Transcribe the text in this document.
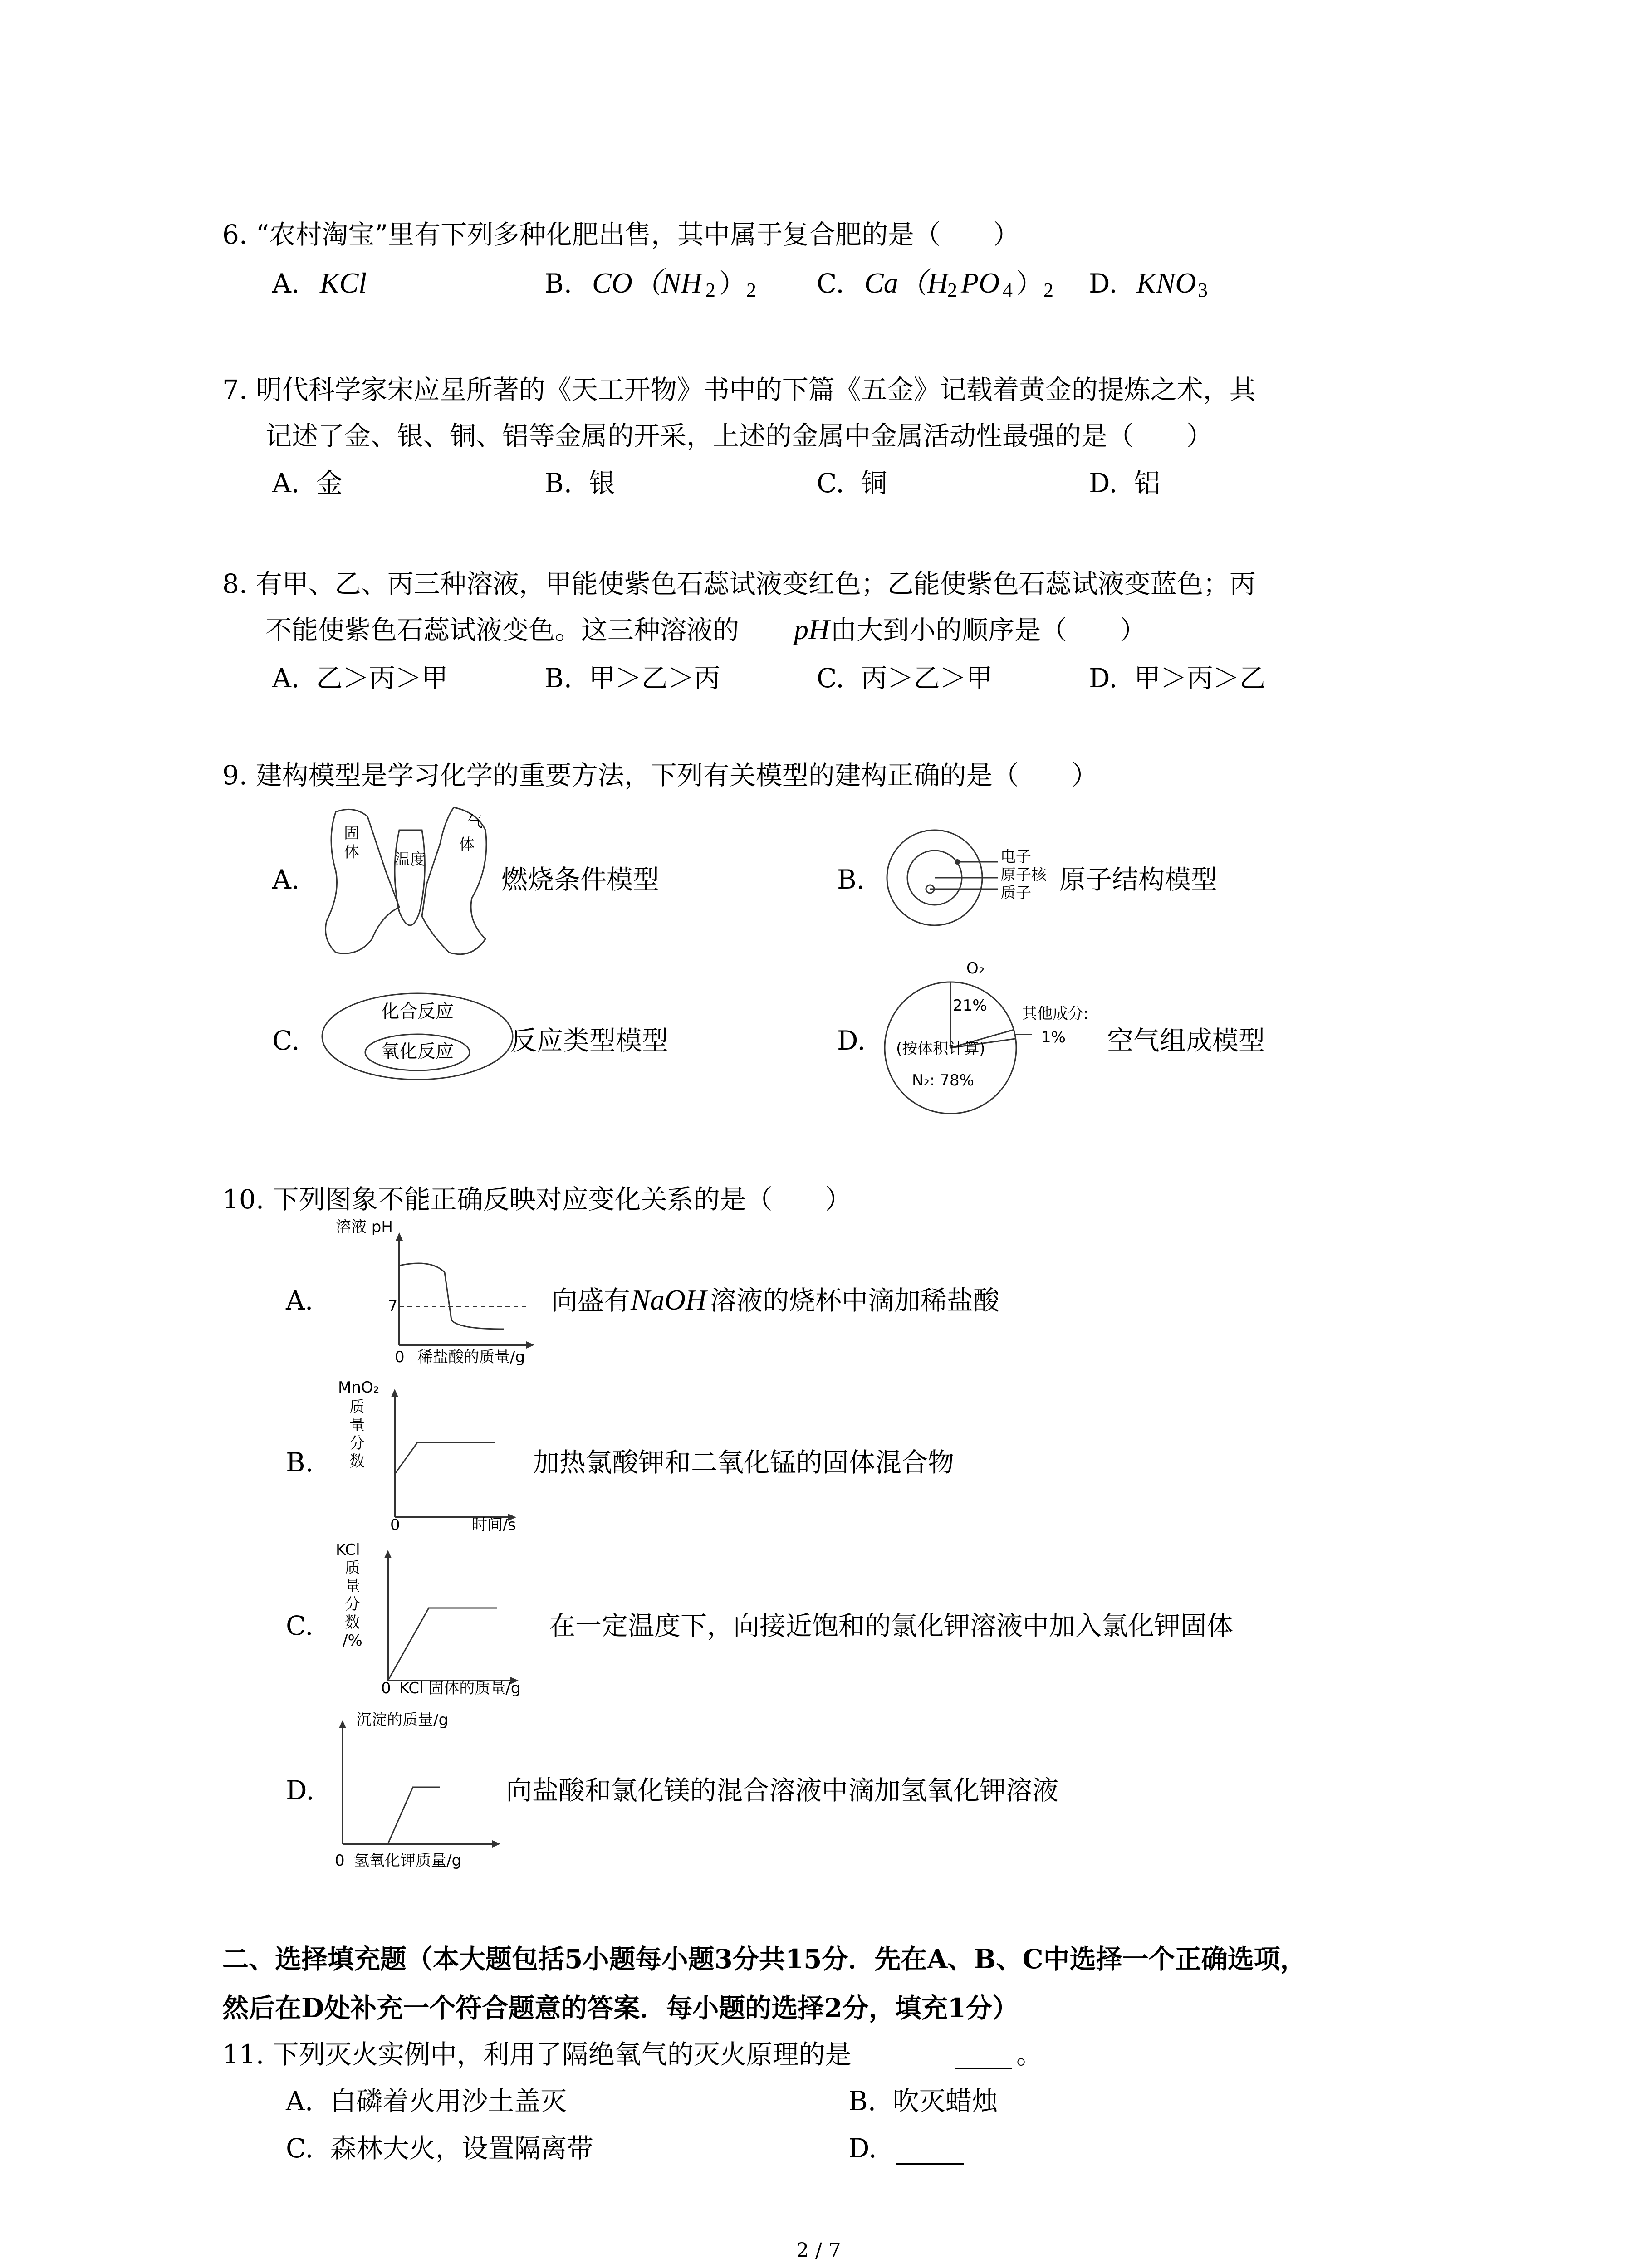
6. “农村淘宝”里有下列多种化肥出售，其中属于复合肥的是（　　）
A. KCl	B. CO（NH 2 ） 2 C. Ca（H
2 PO 4 ） 2 D. KNO 3
7. 明代科学家宋应星所著的《天工开物》书中的下篇《五金》记载着黄金的提炼之术，其
记述了金、银、铜、铝等金属的开采，上述的金属中金属活动性最强的是（　　）
A.  金	B.  银	C.  铜	D.  铝
8. 有甲、乙、丙三种溶液，甲能使紫色石蕊试液变红色；乙能使紫色石蕊试液变蓝色；丙
不能使紫色石蕊试液变色。这三种溶液的 pH 由大到小的顺序是（　　）
A.  乙＞丙＞甲	B.  甲＞乙＞丙	C.  丙＞乙＞甲	D.  甲＞丙＞乙
9. 建构模型是学习化学的重要方法，下列有关模型的建构正确的是（　　）
A.
固
体
气
体
温度
燃烧条件模型	B.
电子
原子核
质子 原子结构模型
C.
化合反应
氧化反应 反应类型模型	D.
O₂
21% 其他成分:
1%
(按体积计算)
N₂: 78%
空气组成模型
10. 下列图象不能正确反映对应变化关系的是（　　）
A.
溶液 pH
7
0 稀盐酸的质量/g
向盛有 NaOH 溶液的烧杯中滴加稀盐酸
B.
MnO₂
质
量
分
数
0	时间/s
加热氯酸钾和二氧化锰的固体混合物
C.
KCl
质
量
分
数
/%
0 KCl 固体的质量/g
在一定温度下，向接近饱和的氯化钾溶液中加入氯化钾固体
D.
沉淀的质量/g
0 氢氧化钾质量/g
向盐酸和氯化镁的混合溶液中滴加氢氧化钾溶液
二、选择填充题（本大题包括5小题每小题3分共15分．先在A、B、C中选择一个正确选项，
然后在D处补充一个符合题意的答案．每小题的选择2分，填充1分）
11. 下列灭火实例中，利用了隔绝氧气的灭火原理的是	。
A.  白磷着火用沙土盖灭	B.  吹灭蜡烛
C.  森林大火，设置隔离带	D.
2 / 7
